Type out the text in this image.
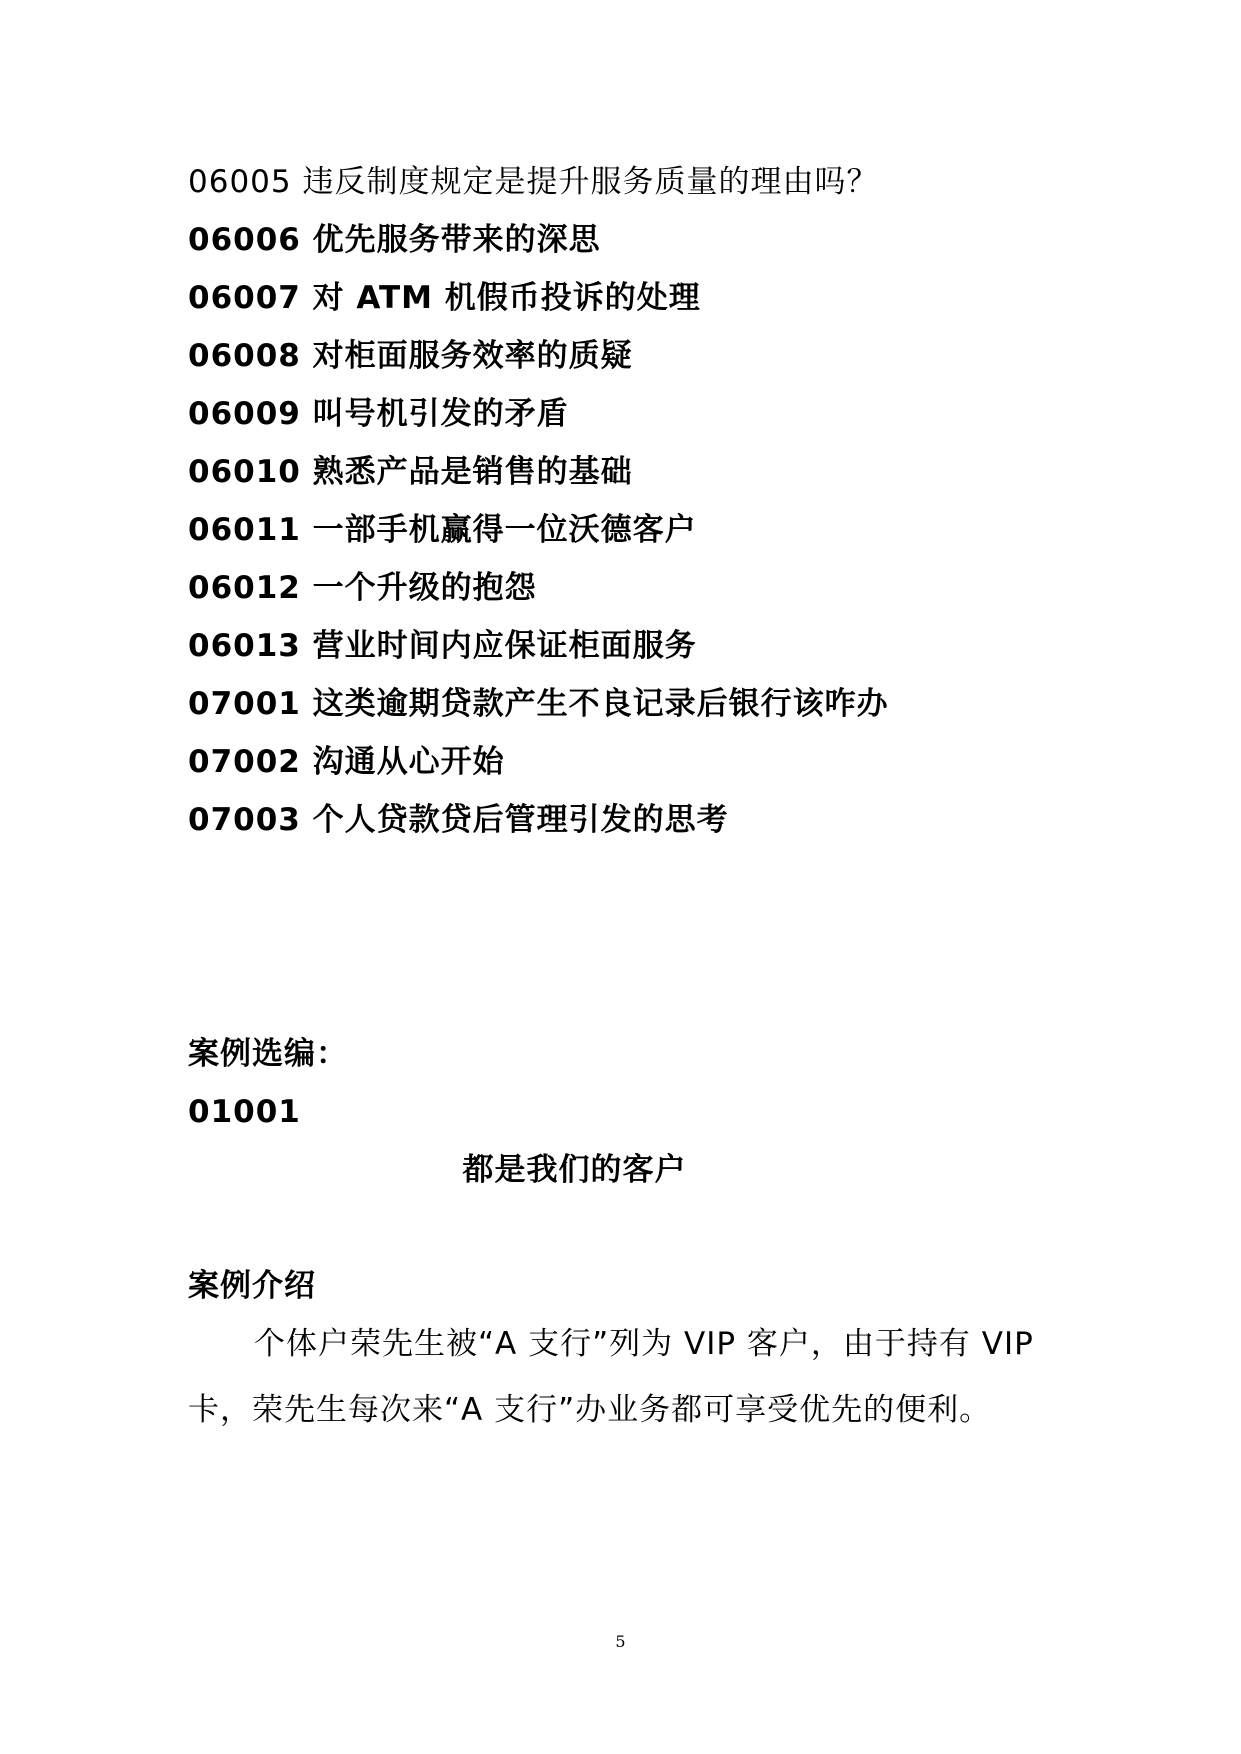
06005 违反制度规定是提升服务质量的理由吗？
06006 优先服务带来的深思
06007 对 ATM 机假币投诉的处理
06008 对柜面服务效率的质疑
06009 叫号机引发的矛盾
06010 熟悉产品是销售的基础
06011 一部手机赢得一位沃德客户
06012 一个升级的抱怨
06013 营业时间内应保证柜面服务
07001 这类逾期贷款产生不良记录后银行该咋办
07002 沟通从心开始
07003 个人贷款贷后管理引发的思考
案例选编：
01001
都是我们的客户
案例介绍
个体户荣先生被“A 支行”列为 VIP 客户，由于持有 VIP 卡，荣先生每次来“A 支行”办业务都可享受优先的便利。
5
